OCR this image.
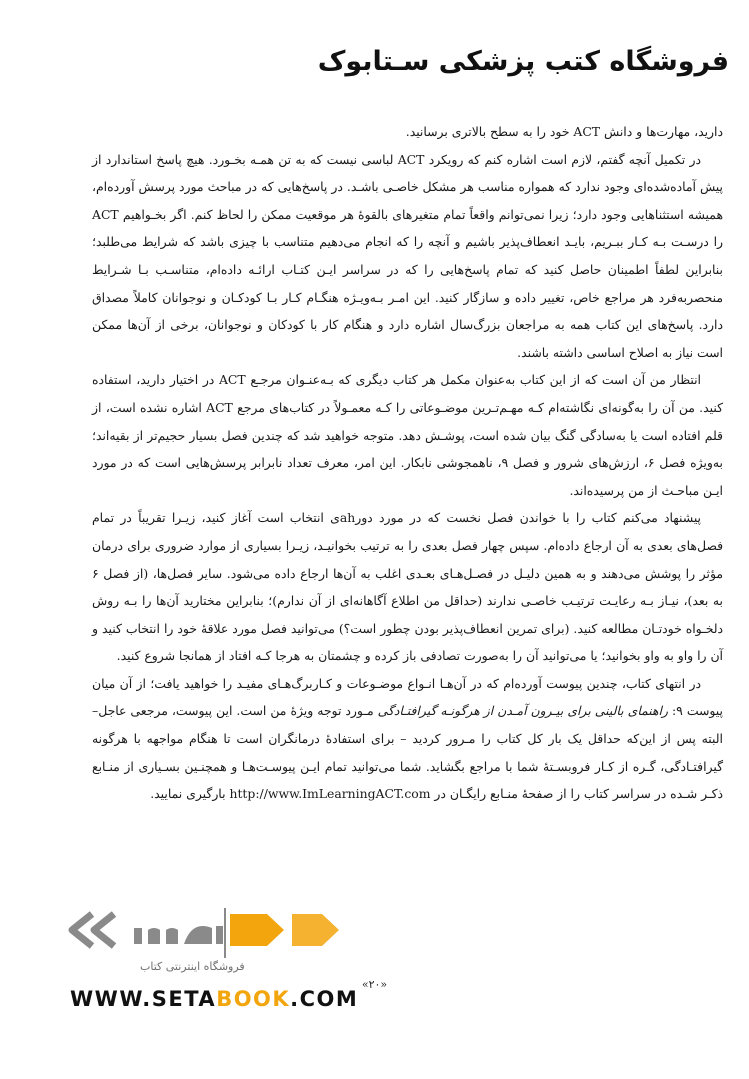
فروشگاه کتب پزشکی سـتابوک

دارید، مهارت‌ها و دانش ACT خود را به سطح بالاتری برسانید.

در تکمیل آنچه گفتم، لازم است اشاره کنم که رویکرد ACT لباسی نیست که به تن همـه بخـورد. هیچ پاسخ استاندارد از پیش آماده‌شده‌ای وجود ندارد که همواره مناسب هر مشکل خاصـی باشـد. در پاسخ‌هایی که در مباحث مورد پرسش آورده‌ام، همیشه استثناهایی وجود دارد؛ زیرا نمی‌توانم واقعاً تمام متغیرهای بالقوهٔ هر موقعیت ممکن را لحاظ کنم. اگر بخـواهیم ACT را درسـت بـه کـار ببـریم، بایـد انعطاف‌پذیر باشیم و آنچه را که انجام می‌دهیم متناسب با چیزی باشد که شرایط می‌طلبد؛ بنابراین لطفاً اطمینان حاصل کنید که تمام پاسخ‌هایی را که در سراسر ایـن کتـاب ارائـه داده‌ام، متناسـب بـا شـرایط منحصربه‌فرد هر مراجع خاص، تغییر داده و سازگار کنید. این امـر بـه‌ویـژه هنگـام کـار بـا کودکـان و نوجوانان کاملاً مصداق دارد. پاسخ‌های این کتاب همه به مراجعان بزرگ‌سال اشاره دارد و هنگام کار با کودکان و نوجوانان، برخی از آن‌ها ممکن است نیاز به اصلاح اساسی داشته باشند.

انتظار من آن است که از این کتاب به‌عنوان مکمل هر کتاب دیگری که بـه‌عنـوان مرجـع ACT در اختیار دارید، استفاده کنید. من آن را به‌گونه‌ای نگاشته‌ام کـه مهـم‌تـرین موضـوعاتی را کـه معمـولاً در کتاب‌های مرجع ACT اشاره نشده است، از قلم افتاده است یا به‌سادگی گنگ بیان شده است، پوشـش دهد. متوجه خواهید شد که چندین فصل بسیار حجیم‌تر از بقیه‌اند؛ به‌ویژه فصل ۶، ارزش‌های شرور و فصل ۹، ناهمجوشی نابکار. این امر، معرف تعداد نابرابر پرسش‌هایی است که در مورد ایـن مباحـث از من پرسیده‌اند.

پیشنهاد می‌کنم کتاب را با خواندن فصل نخست که در مورد دورahی انتخاب است آغاز کنید، زیـرا تقریباً در تمام فصل‌های بعدی به آن ارجاع داده‌ام. سپس چهار فصل بعدی را به ترتیب بخوانیـد، زیـرا بسیاری از موارد ضروری برای درمان مؤثر را پوشش می‌دهند و به همین دلیـل در فصـل‌هـای بعـدی اغلب به آن‌ها ارجاع داده می‌شود. سایر فصل‌ها، (از فصل ۶ به بعد)، نیـاز بـه رعایـت ترتیـب خاصـی ندارند (حداقل من اطلاع آگاهانه‌ای از آن ندارم)؛ بنابراین مختارید آن‌ها را بـه روش دلخـواه خودتـان مطالعه کنید. (برای تمرین انعطاف‌پذیر بودن چطور است؟) می‌توانید فصل مورد علاقهٔ خود را انتخاب کنید و آن را واو به واو بخوانید؛ یا می‌توانید آن را به‌صورت تصادفی باز کرده و چشمتان به هرجا کـه افتاد از همانجا شروع کنید.

در انتهای کتاب، چندین پیوست آورده‌ام که در آن‌هـا انـواع موضـوعات و کـاربرگ‌هـای مفیـد را خواهید یافت؛ از آن میان پیوست ۹: راهنمای بالینی برای بیـرون آمـدن از هرگونـه گیرافتـادگی مـورد توجه ویژهٔ من است. این پیوست، مرجعی عاجل–البته پس از این‌که حداقل یک بار کل کتاب را مـرور کردید – برای استفادهٔ درمانگران است تا هنگام مواجهه با هرگونه گیرافتـادگی، گـره از کـار فروبسـتهٔ شما با مراجع بگشاید. شما می‌توانید تمام ایـن پیوسـت‌هـا و همچنـین بسـیاری از منـابع ذکـر شـده در سراسر کتاب را از صفحهٔ منـابع رایگـان در http://www.ImLearningACT.com بارگیری نمایید.

«۲۰»
فروشگاه اینترنتی کتاب
WWW.SETABOOK.COM
